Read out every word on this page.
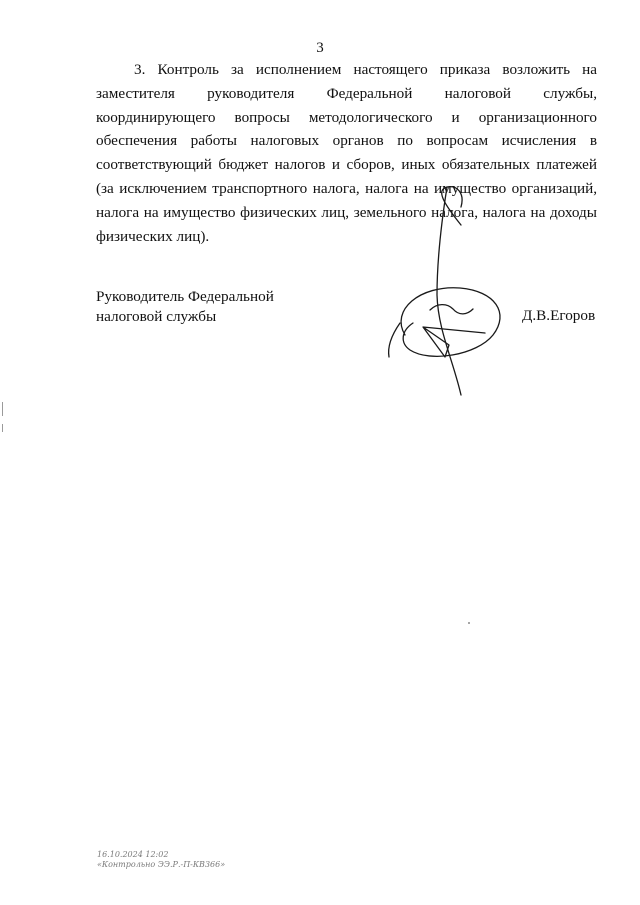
3

3. Контроль за исполнением настоящего приказа возложить на заместителя руководителя Федеральной налоговой службы, координирующего вопросы методологического и организационного обеспечения работы налоговых органов по вопросам исчисления в соответствующий бюджет налогов и сборов, иных обязательных платежей (за исключением транспортного налога, налога на имущество организаций, налога на имущество физических лиц, земельного налога, налога на доходы физических лиц).

Руководитель Федеральной
налоговой службы	Д.В.Егоров
16.10.2024 12:02
«Контрольно ЭЭ.Р.-П-КВ366»
